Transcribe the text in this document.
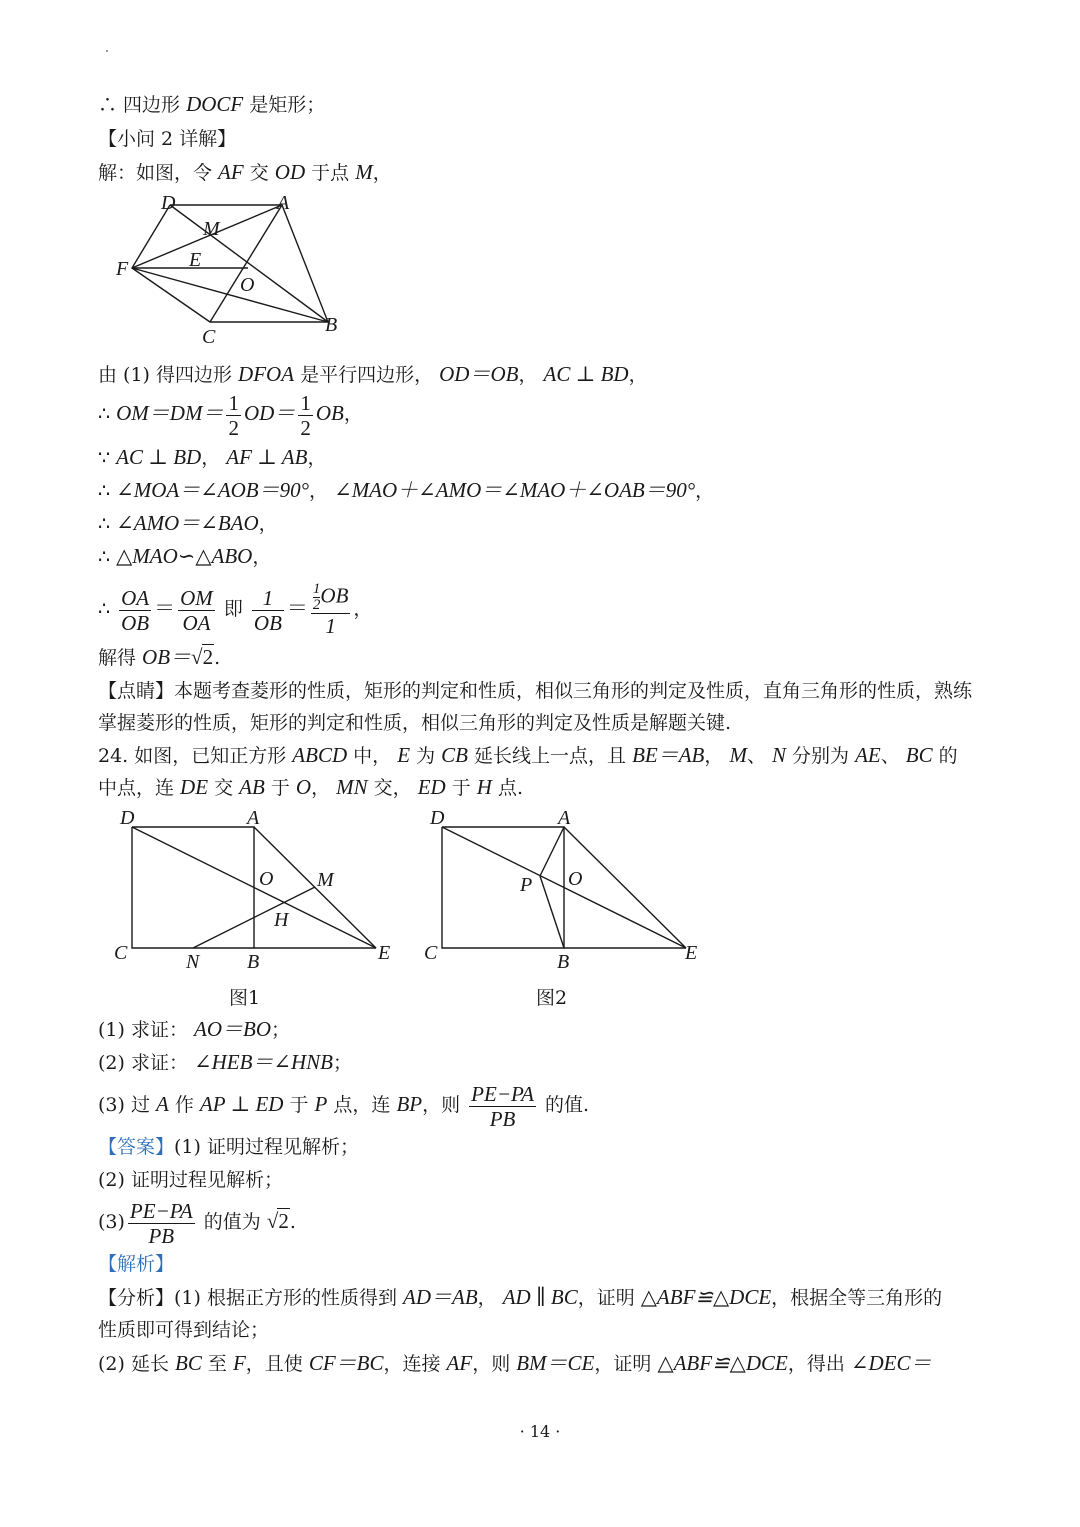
∴ 四边形 DOCF 是矩形；
【小问 2 详解】
解：如图，令 AF 交 OD 于点 M，
D	A
M
E
F
O
C
B
由 (1) 得四边形 DFOA 是平行四边形， OD＝OB， AC ⊥ BD，
∴ $OM=DM= \frac{1}{2} OD= \frac{1}{2}$ OB，
∵ AC ⊥ BD， AF ⊥ AB，
∴ ∠MOA＝∠AOB＝90°， ∠MAO＋∠AMO＝∠MAO＋∠OAB＝90°，
∴ ∠AMO＝∠BAO，
∴ △MAO∽△ABO，
∴ $\frac{OA}{OB} = \frac{OM}{OA}$ 即 $\frac{1}{OB} = \frac{\frac{1}{2} OB}{1}$ ，
解得 OB＝√2.
【点睛】本题考查菱形的性质，矩形的判定和性质，相似三角形的判定及性质，直角三角形的性质，熟练
掌握菱形的性质，矩形的判定和性质，相似三角形的判定及性质是解题关键.
24. 如图，已知正方形 ABCD 中， E 为 CB 延长线上一点，且 BE＝AB， M、 N 分别为 AE、 BC 的
中点，连 DE 交 AB 于 O， MN 交， ED 于 H 点.
D	A
O M
H
C	N B	E
图1
D	A
P O
C	B	E
图2
(1) 求证： AO＝BO；
(2) 求证： ∠HEB＝∠HNB；
(3) 过 A 作 AP ⊥ ED 于 P 点，连 BP，则 $\frac{PE-PA}{PB}$ 的值.
【答案】(1) 证明过程见解析；
(2) 证明过程见解析；
$(3) \frac{PE-PA}{PB}$ 的值为 √2.
【解析】
【分析】(1) 根据正方形的性质得到 AD＝AB， AD ∥ BC，证明 △ABF≌△DCE，根据全等三角形的
性质即可得到结论；
(2) 延长 BC 至 F，且使 CF＝BC，连接 AF，则 BM＝CE，证明 △ABF≌△DCE，得出 ∠DEC＝
· 14 ·
